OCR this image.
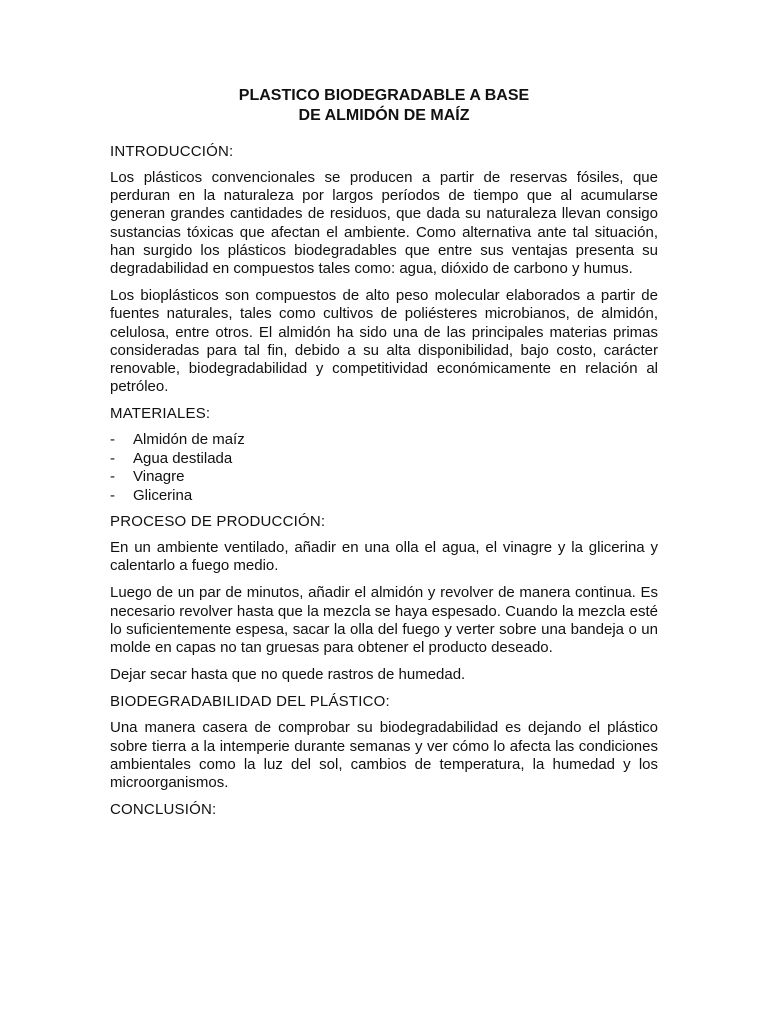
PLASTICO BIODEGRADABLE A BASE
DE ALMIDÓN DE MAÍZ
INTRODUCCIÓN:

Los plásticos convencionales se producen a partir de reservas fósiles, que perduran en la naturaleza por largos períodos de tiempo que al acumularse generan grandes cantidades de residuos, que dada su naturaleza llevan consigo sustancias tóxicas que afectan el ambiente. Como alternativa ante tal situación, han surgido los plásticos biodegradables que entre sus ventajas presenta su degradabilidad en compuestos tales como: agua, dióxido de carbono y humus.

Los bioplásticos son compuestos de alto peso molecular elaborados a partir de fuentes naturales, tales como cultivos de poliésteres microbianos, de almidón, celulosa, entre otros. El almidón ha sido una de las principales materias primas consideradas para tal fin, debido a su alta disponibilidad, bajo costo, carácter renovable, biodegradabilidad y competitividad económicamente en relación al petróleo.

MATERIALES:
-	Almidón de maíz
-	Agua destilada
-	Vinagre
-	Glicerina
PROCESO DE PRODUCCIÓN:

En un ambiente ventilado, añadir en una olla el agua, el vinagre y la glicerina y calentarlo a fuego medio.

Luego de un par de minutos, añadir el almidón y revolver de manera continua. Es necesario revolver hasta que la mezcla se haya espesado. Cuando la mezcla esté lo suficientemente espesa, sacar la olla del fuego y verter sobre una bandeja o un molde en capas no tan gruesas para obtener el producto deseado.

Dejar secar hasta que no quede rastros de humedad.

BIODEGRADABILIDAD DEL PLÁSTICO:

Una manera casera de comprobar su biodegradabilidad es dejando el plástico sobre tierra a la intemperie durante semanas y ver cómo lo afecta las condiciones ambientales como la luz del sol, cambios de temperatura, la humedad y los microorganismos.

CONCLUSIÓN:
